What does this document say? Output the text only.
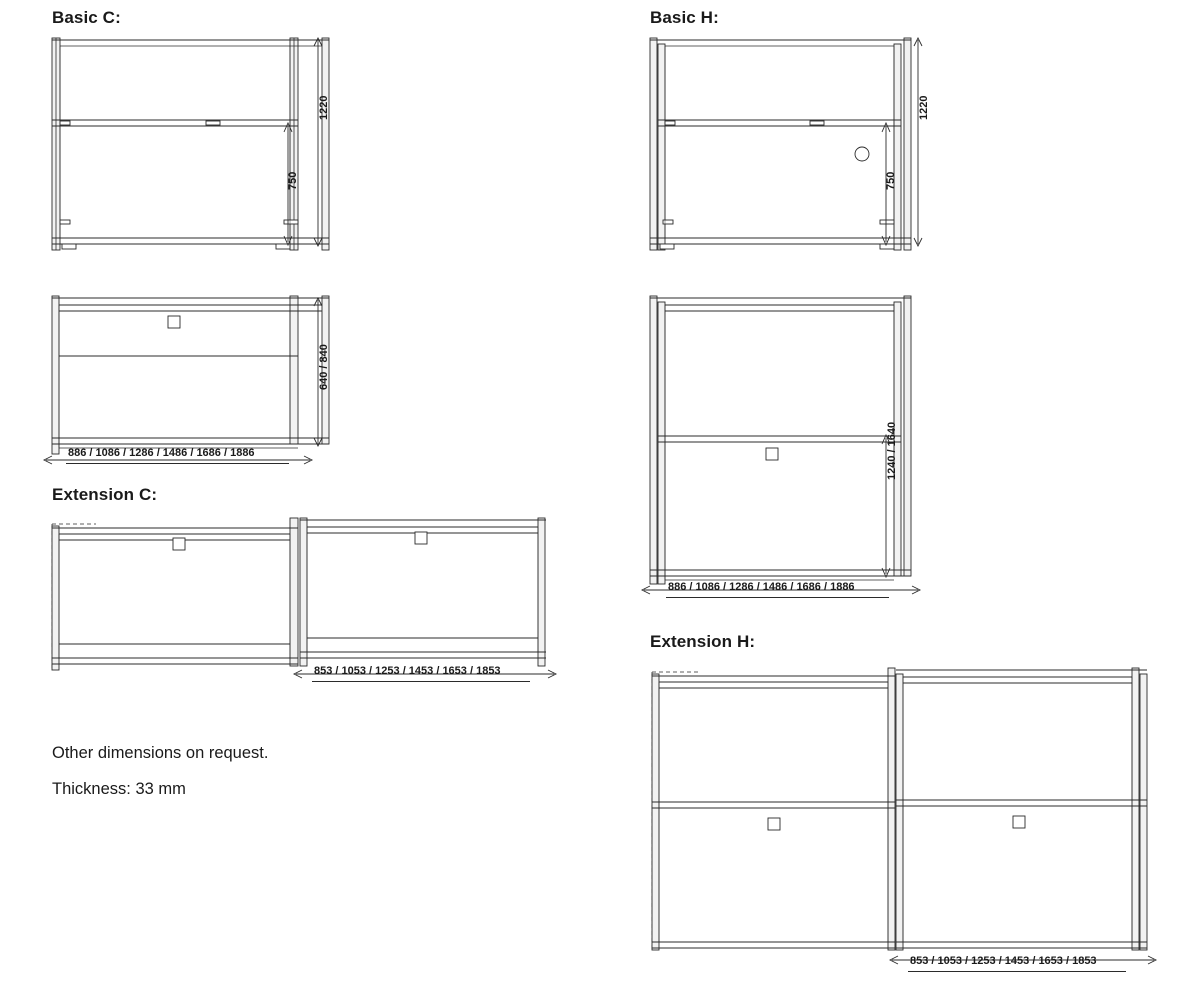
Basic C:	Basic H:
Extension C:
Extension H:
1220
750
640 / 840
886 / 1086 / 1286 / 1486 / 1686 / 1886
853 / 1053 / 1253 / 1453 / 1653 / 1853
Other dimensions on request.
Thickness: 33 mm
1220
750
1240 / 1640
886 / 1086 / 1286 / 1486 / 1686 / 1886
853 / 1053 / 1253 / 1453 / 1653 / 1853
